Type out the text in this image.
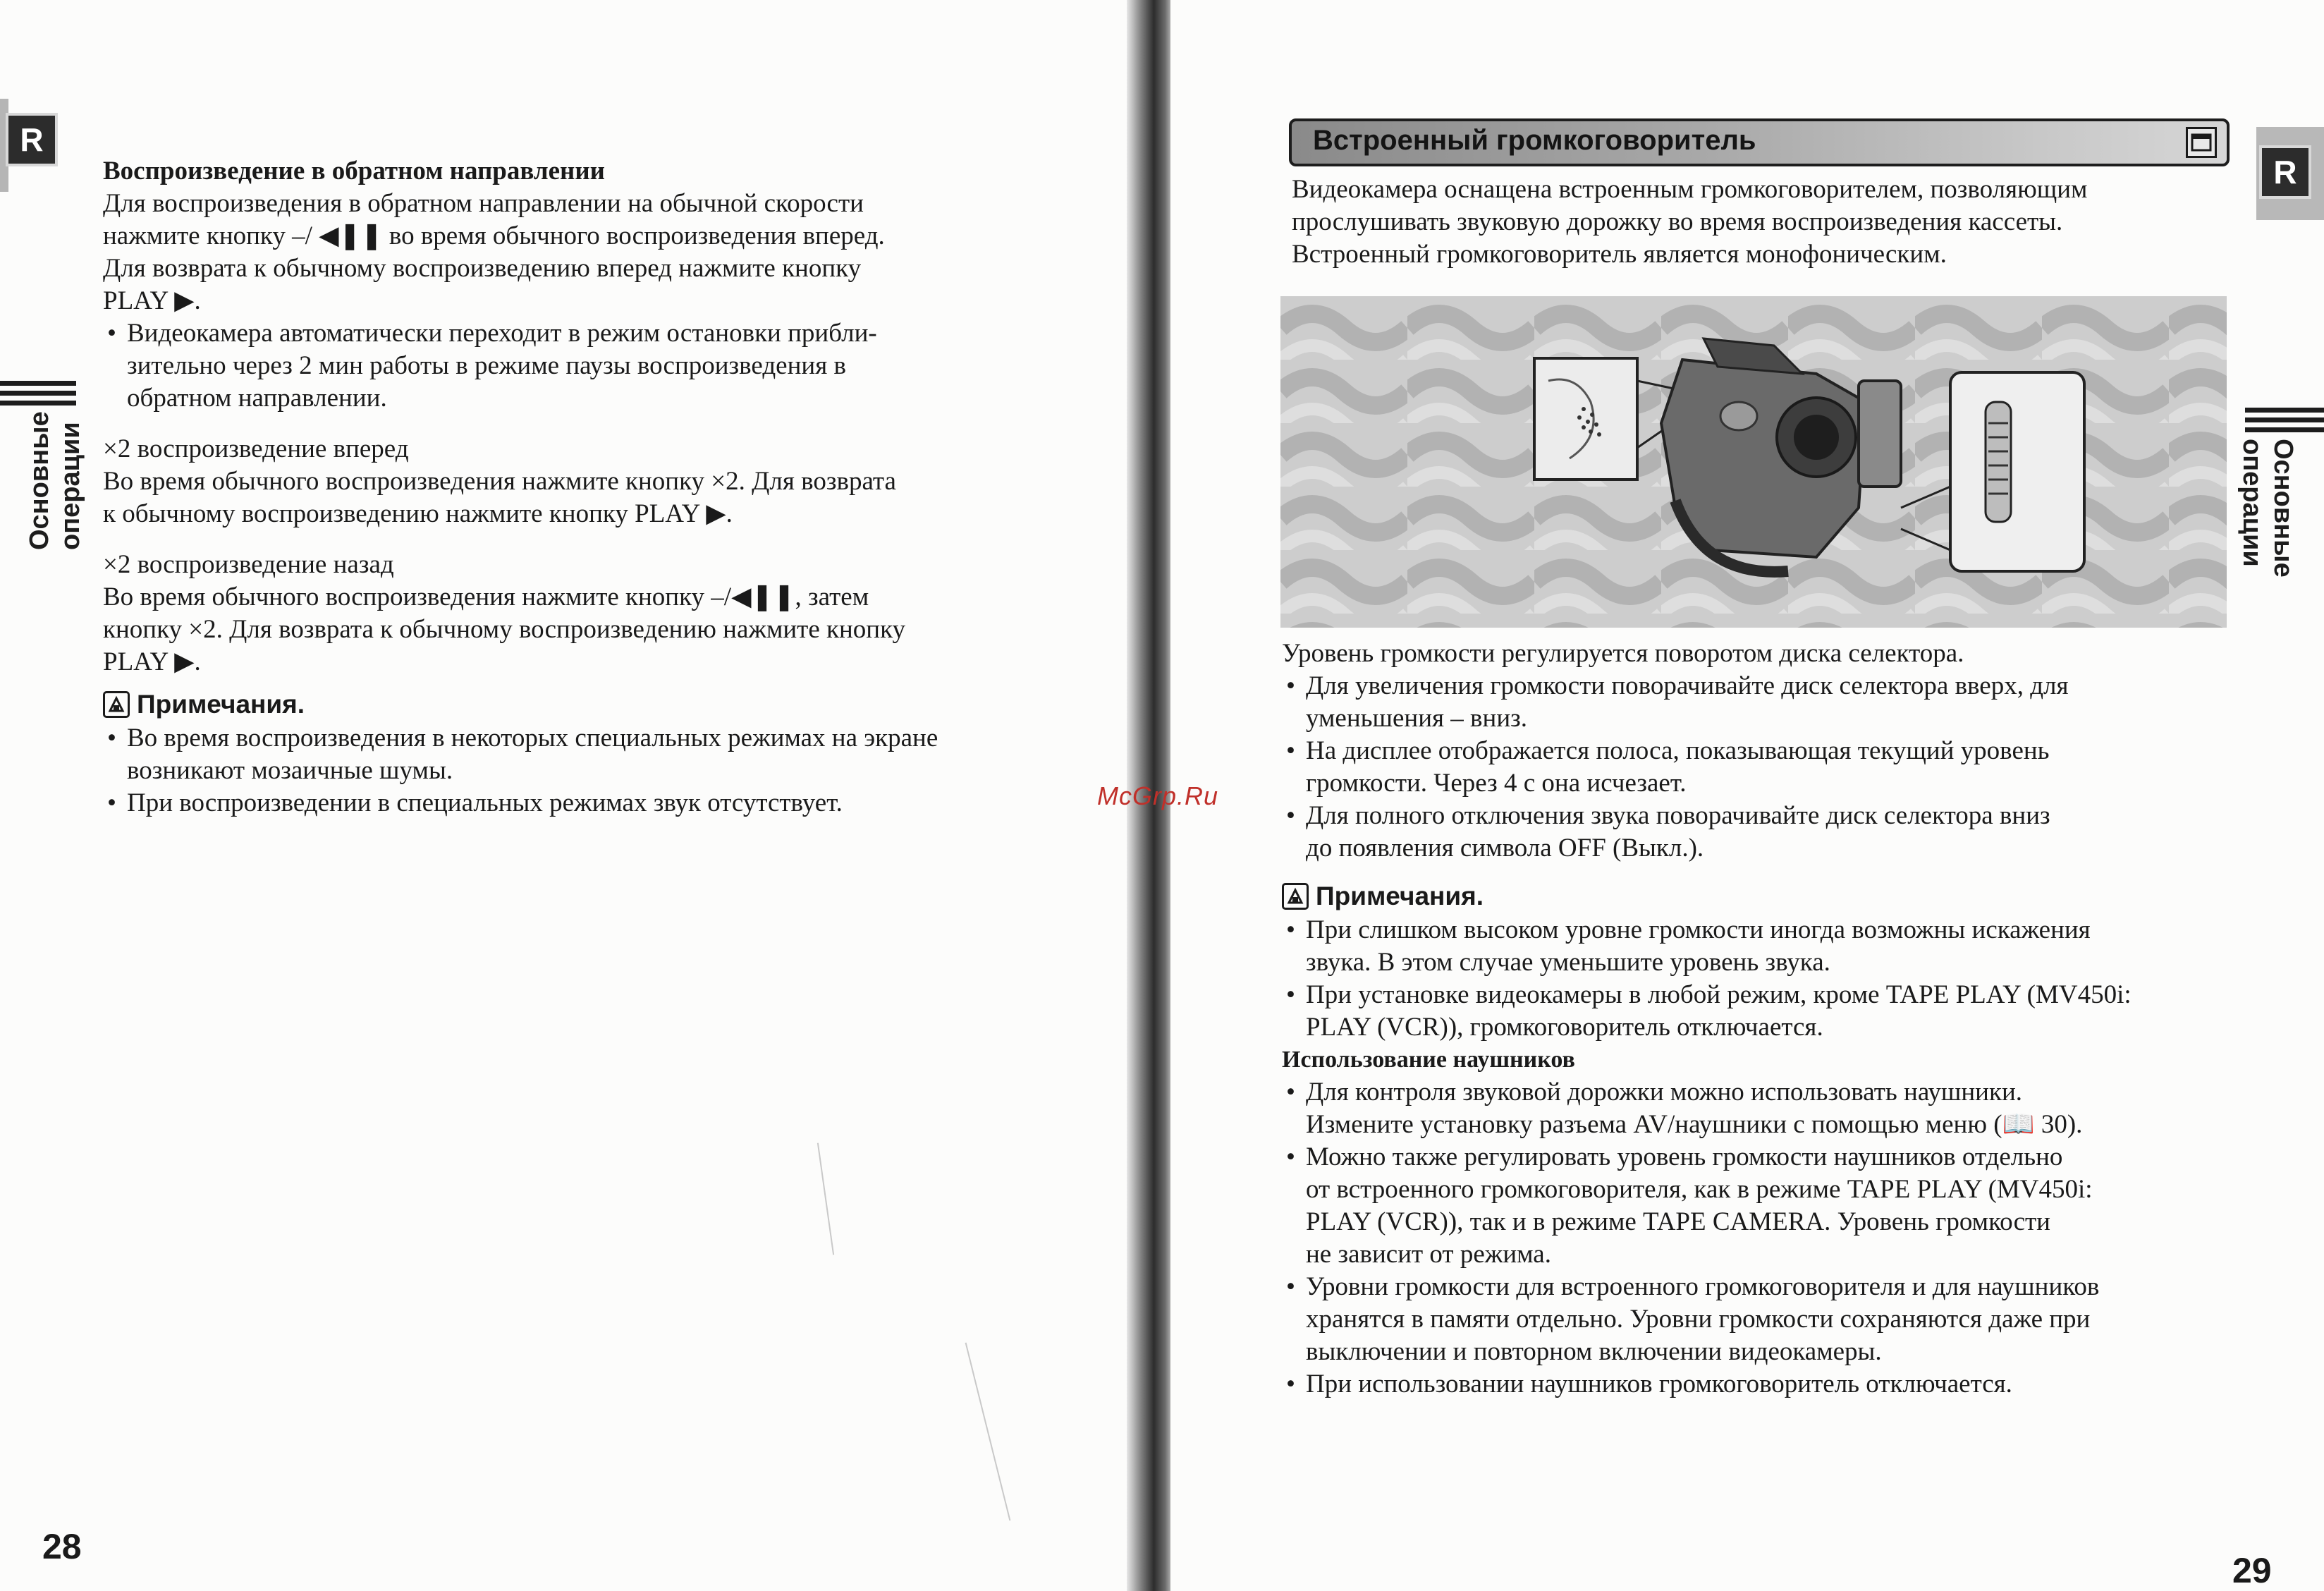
R
Основные операции

Воспроизведение в обратном направлении

Для воспроизведения в обратном направлении на обычной скорости

нажмите кнопку –/ ◀❚❚ во время обычного воспроизведения вперед.

Для возврата к обычному воспроизведению вперед нажмите кнопку

PLAY ▶.

• Видеокамера автоматически переходит в режим остановки прибли-

зительно через 2 мин работы в режиме паузы воспроизведения в

обратном направлении.

×2 воспроизведение вперед

Во время обычного воспроизведения нажмите кнопку ×2. Для возврата

к обычному воспроизведению нажмите кнопку PLAY ▶.

×2 воспроизведение назад

Во время обычного воспроизведения нажмите кнопку –/◀❚❚, затем

кнопку ×2. Для возврата к обычному воспроизведению нажмите кнопку

PLAY ▶.

Примечания.

• Во время воспроизведения в некоторых специальных режимах на экране

возникают мозаичные шумы.

• При воспроизведении в специальных режимах звук отсутствует.

28
R
Основные
операции
29
Встроенный громкоговоритель

Видеокамера оснащена встроенным громкоговорителем, позволяющим

прослушивать звуковую дорожку во время воспроизведения кассеты.

Встроенный громкоговоритель является монофоническим.

Уровень громкости регулируется поворотом диска селектора.

• Для увеличения громкости поворачивайте диск селектора вверх, для

уменьшения – вниз.

• На дисплее отображается полоса, показывающая текущий уровень

громкости. Через 4 с она исчезает.

• Для полного отключения звука поворачивайте диск селектора вниз

до появления символа OFF (Выкл.).

Примечания.

• При слишком высоком уровне громкости иногда возможны искажения

звука. В этом случае уменьшите уровень звука.

• При установке видеокамеры в любой режим, кроме TAPE PLAY (MV450i:

PLAY (VCR)), громкоговоритель отключается.

Использование наушников

• Для контроля звуковой дорожки можно использовать наушники.

Измените установку разъема AV/наушники с помощью меню (📖 30).

• Можно также регулировать уровень громкости наушников отдельно

от встроенного громкоговорителя, как в режиме TAPE PLAY (MV450i:

PLAY (VCR)), так и в режиме TAPE CAMERA. Уровень громкости

не зависит от режима.

• Уровни громкости для встроенного громкоговорителя и для наушников

хранятся в памяти отдельно. Уровни громкости сохраняются даже при

выключении и повторном включении видеокамеры.

• При использовании наушников громкоговоритель отключается.

McGrp.Ru
